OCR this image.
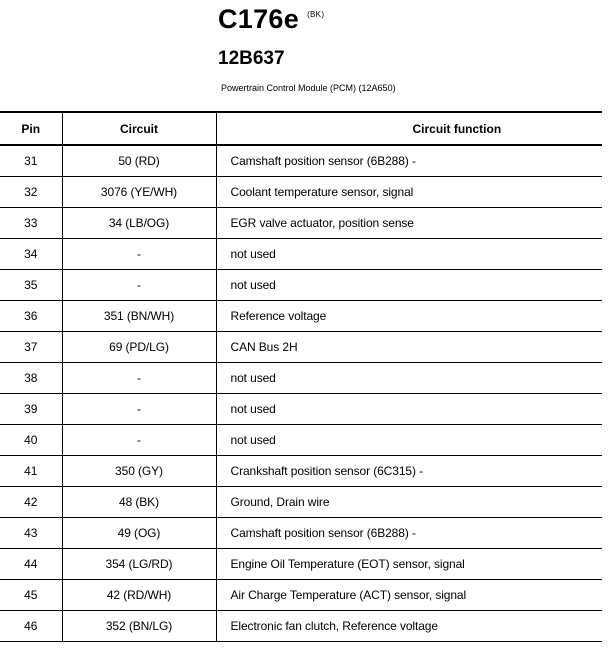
C176e $^{(BK)}$
12B637
Powertrain Control Module (PCM) (12A650)
Pin	Circuit	Circuit function
31	50 (RD)	Camshaft position sensor (6B288) -
32	3076 (YE/WH)	Coolant temperature sensor, signal
33	34 (LB/OG)	EGR valve actuator, position sense
34	-	not used
35	-	not used
36	351 (BN/WH)	Reference voltage
37	69 (PD/LG)	CAN Bus 2H
38	-	not used
39	-	not used
40	-	not used
41	350 (GY)	Crankshaft position sensor (6C315) -
42	48 (BK)	Ground, Drain wire
43	49 (OG)	Camshaft position sensor (6B288) -
44	354 (LG/RD)	Engine Oil Temperature (EOT) sensor, signal
45	42 (RD/WH)	Air Charge Temperature (ACT) sensor, signal
46	352 (BN/LG)	Electronic fan clutch, Reference voltage
